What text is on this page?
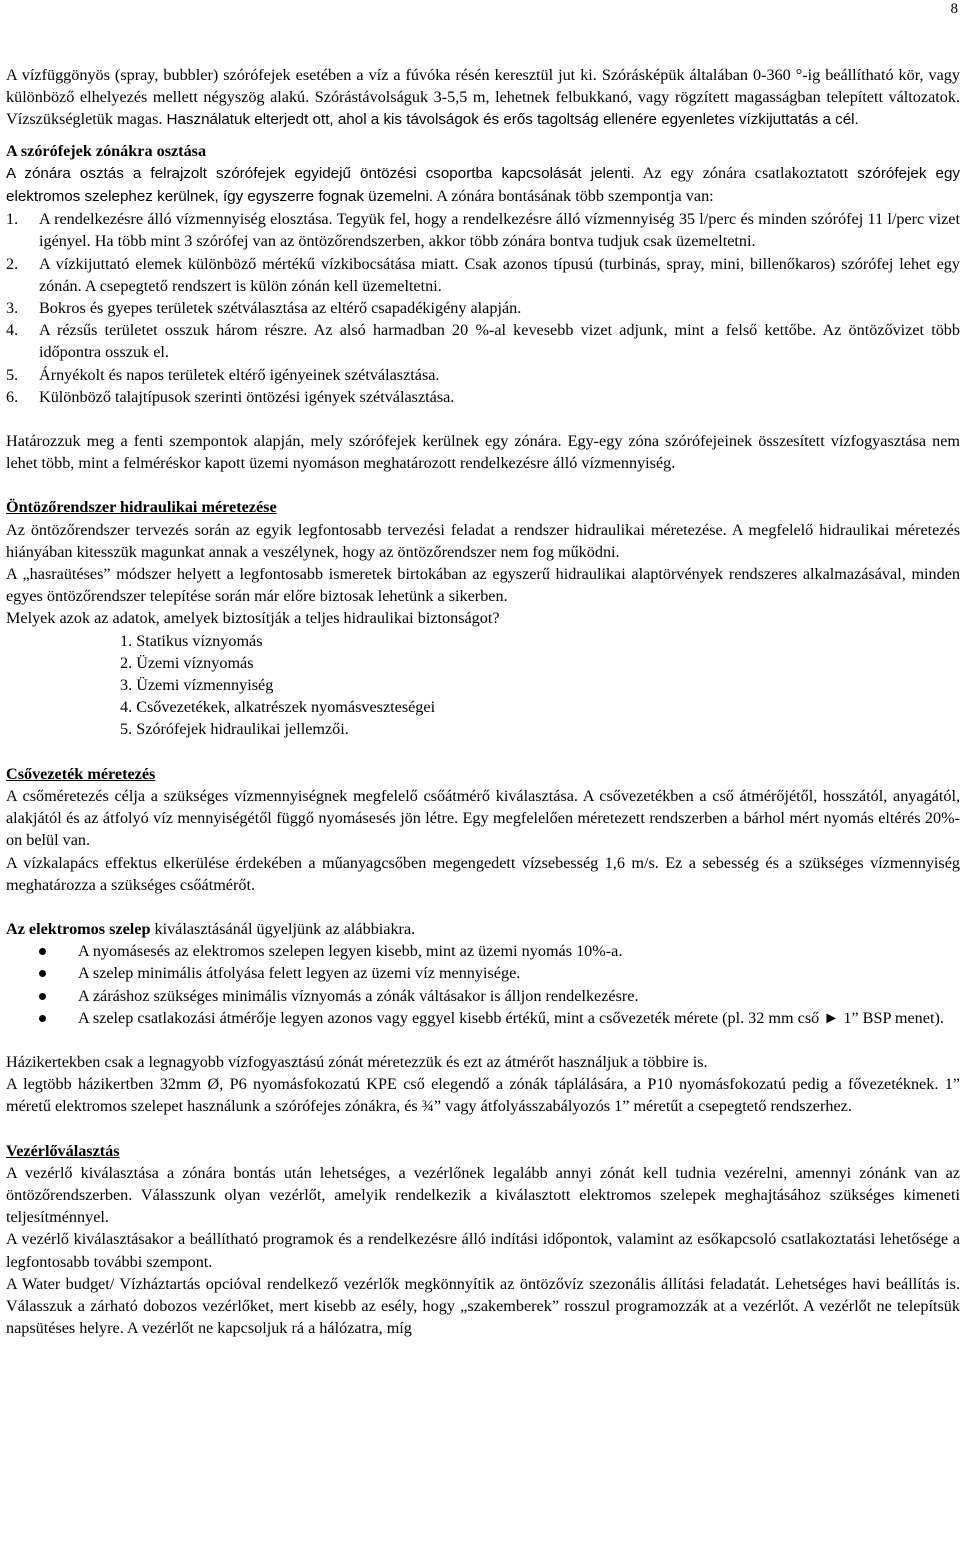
8

A vízfüggönyös (spray, bubbler) szórófejek esetében a víz a fúvóka résén keresztül jut ki. Szórásképük általában 0-360 °-ig beállítható kör, vagy különböző elhelyezés mellett négyszög alakú. Szórástávolságuk 3-5,5 m, lehetnek felbukkanó, vagy rögzített magasságban telepített változatok. Vízszükségletük magas. Használatuk elterjedt ott, ahol a kis távolságok és erős tagoltság ellenére egyenletes vízkijuttatás a cél.

A szórófejek zónákra osztása

A zónára osztás a felrajzolt szórófejek egyidejű öntözési csoportba kapcsolását jelenti. Az egy zónára csatlakoztatott szórófejek egy elektromos szelephez kerülnek, így egyszerre fognak üzemelni. A zónára bontásának több szempontja van:

1. A rendelkezésre álló vízmennyiség elosztása. Tegyük fel, hogy a rendelkezésre álló vízmennyiség 35 l/perc és minden szórófej 11 l/perc vizet igényel. Ha több mint 3 szórófej van az öntözőrendszerben, akkor több zónára bontva tudjuk csak üzemeltetni.
2. A vízkijuttató elemek különböző mértékű vízkibocsátása miatt. Csak azonos típusú (turbinás, spray, mini, billenőkaros) szórófej lehet egy zónán. A csepegtető rendszert is külön zónán kell üzemeltetni.
3. Bokros és gyepes területek szétválasztása az eltérő csapadékigény alapján.
4. A rézsűs területet osszuk három részre. Az alsó harmadban 20 %-al kevesebb vizet adjunk, mint a felső kettőbe. Az öntözővizet több időpontra osszuk el.
5. Árnyékolt és napos területek eltérő igényeinek szétválasztása.
6. Különböző talajtípusok szerinti öntözési igények szétválasztása.

Határozzuk meg a fenti szempontok alapján, mely szórófejek kerülnek egy zónára. Egy-egy zóna szórófejeinek összesített vízfogyasztása nem lehet több, mint a felméréskor kapott üzemi nyomáson meghatározott rendelkezésre álló vízmennyiség.

Öntözőrendszer hidraulikai méretezése

Az öntözőrendszer tervezés során az egyik legfontosabb tervezési feladat a rendszer hidraulikai méretezése. A megfelelő hidraulikai méretezés hiányában kitesszük magunkat annak a veszélynek, hogy az öntözőrendszer nem fog működni.

A „hasraütéses” módszer helyett a legfontosabb ismeretek birtokában az egyszerű hidraulikai alaptörvények rendszeres alkalmazásával, minden egyes öntözőrendszer telepítése során már előre biztosak lehetünk a sikerben.

Melyek azok az adatok, amelyek biztosítják a teljes hidraulikai biztonságot?

1. Statikus víznyomás
2. Üzemi víznyomás
3. Üzemi vízmennyiség
4. Csővezetékek, alkatrészek nyomásveszteségei
5. Szórófejek hidraulikai jellemzői.

Csővezeték méretezés

A csőméretezés célja a szükséges vízmennyiségnek megfelelő csőátmérő kiválasztása. A csővezetékben a cső átmérőjétől, hosszától, anyagától, alakjától és az átfolyó víz mennyiségétől függő nyomásesés jön létre. Egy megfelelően méretezett rendszerben a bárhol mért nyomás eltérés 20%-on belül van.

A vízkalapács effektus elkerülése érdekében a műanyagcsőben megengedett vízsebesség 1,6 m/s. Ez a sebesség és a szükséges vízmennyiség meghatározza a szükséges csőátmérőt.

Az elektromos szelep kiválasztásánál ügyeljünk az alábbiakra.

A nyomásesés az elektromos szelepen legyen kisebb, mint az üzemi nyomás 10%-a.
A szelep minimális átfolyása felett legyen az üzemi víz mennyisége.
A záráshoz szükséges minimális víznyomás a zónák váltásakor is álljon rendelkezésre.
A szelep csatlakozási átmérője legyen azonos vagy eggyel kisebb értékű, mint a csővezeték mérete (pl. 32 mm cső ► 1” BSP menet).

Házikertekben csak a legnagyobb vízfogyasztású zónát méretezzük és ezt az átmérőt használjuk a többire is.

A legtöbb házikertben 32mm Ø, P6 nyomásfokozatú KPE cső elegendő a zónák táplálására, a P10 nyomásfokozatú pedig a fővezetéknek. 1” méretű elektromos szelepet használunk a szórófejes zónákra, és ¾” vagy átfolyásszabályozós 1” méretűt a csepegtető rendszerhez.

Vezérlőválasztás

A vezérlő kiválasztása a zónára bontás után lehetséges, a vezérlőnek legalább annyi zónát kell tudnia vezérelni, amennyi zónánk van az öntözőrendszerben. Válasszunk olyan vezérlőt, amelyik rendelkezik a kiválasztott elektromos szelepek meghajtásához szükséges kimeneti teljesítménnyel.

A vezérlő kiválasztásakor a beállítható programok és a rendelkezésre álló indítási időpontok, valamint az esőkapcsoló csatlakoztatási lehetősége a legfontosabb további szempont.

A Water budget/ Vízháztartás opcióval rendelkező vezérlők megkönnyítik az öntözővíz szezonális állítási feladatát. Lehetséges havi beállítás is. Válasszuk a zárható dobozos vezérlőket, mert kisebb az esély, hogy „szakemberek” rosszul programozzák at a vezérlőt. A vezérlőt ne telepítsük napsütéses helyre. A vezérlőt ne kapcsoljuk rá a hálózatra, míg
